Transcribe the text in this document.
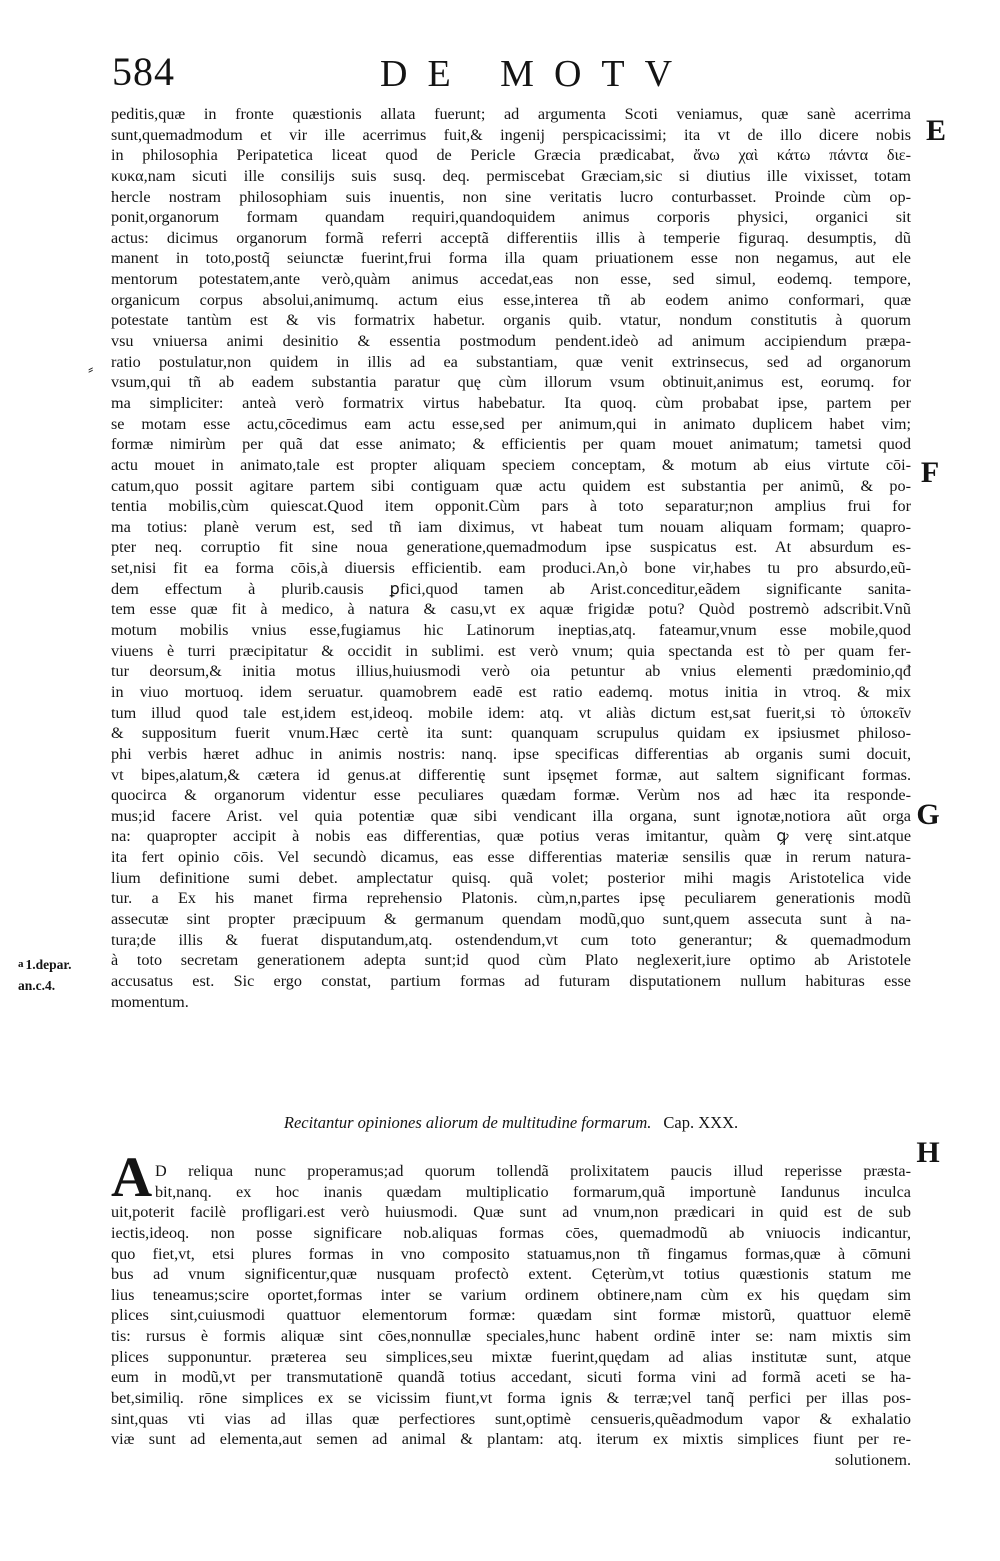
584	DE MOTV
E
F
G
H
⸗
a 1.depar.
an.c.4.
peditis,quæ in fronte quæstionis allata fuerunt; ad argumenta Scoti veniamus, quæ sanè acerrima
sunt,quemadmodum et vir ille acerrimus fuit,& ingenij perspicacissimi; ita vt de illo dicere nobis
in philosophia Peripatetica liceat quod de Pericle Græcia prædicabat, ἄνω χαὶ κάτω πάντα διε-
κυκα,nam sicuti ille consilijs suis susq. deq. permiscebat Græciam,sic si diutius ille vixisset, totam
hercle nostram philosophiam suis inuentis, non sine veritatis lucro conturbasset. Proinde cùm op-
ponit,organorum formam quandam requiri,quandoquidem animus corporis physici, organici sit
actus: dicimus organorum formã referri acceptã differentiis illis à temperie figuraq. desumptis, dũ
manent in toto,postq̃ seiunctæ fuerint,frui forma illa quam priuationem esse non negamus, aut ele
mentorum potestatem,ante verò,quàm animus accedat,eas non esse, sed simul, eodemq. tempore,
organicum corpus absolui,animumq. actum eius esse,interea tñ ab eodem animo conformari, quæ
potestate tantùm est & vis formatrix habetur. organis quib. vtatur, nondum constitutis à quorum
vsu vniuersa animi desinitio & essentia postmodum pendent.ideò ad animum accipiendum præpa-
ratio postulatur,non quidem in illis ad ea substantiam, quæ venit extrinsecus, sed ad organorum
vsum,qui tñ ab eadem substantia paratur quę cùm illorum vsum obtinuit,animus est, eorumq. for
ma simpliciter: anteà verò formatrix virtus habebatur. Ita quoq. cùm probabat ipse, partem per
se motam esse actu,cōcedimus eam actu esse,sed per animum,qui in animato duplicem habet vim;
formæ nimirùm per quã dat esse animato; & efficientis per quam mouet animatum; tametsi quod
actu mouet in animato,tale est propter aliquam speciem conceptam, & motum ab eius virtute cōi-
catum,quo possit agitare partem sibi contiguam quæ actu quidem est substantia per animũ, & po-
tentia mobilis,cùm quiescat.Quod item opponit.Cùm pars à toto separatur;non amplius frui for
ma totius: planè verum est, sed tñ iam diximus, vt habeat tum nouam aliquam formam; quapro-
pter neq. corruptio fit sine noua generatione,quemadmodum ipse suspicatus est. At absurdum es-
set,nisi fit ea forma cōis,à diuersis efficientib. eam produci.An,ò bone vir,habes tu pro absurdo,eũ-
dem effectum à plurib.causis ꝑfici,quod tamen ab Arist.conceditur,eãdem significante sanita-
tem esse quæ fit à medico, à natura & casu,vt ex aquæ frigidæ potu? Quòd postremò adscribit.Vnũ
motum mobilis vnius esse,fugiamus hic Latinorum ineptias,atq. fateamur,vnum esse mobile,quod
viuens è turri præcipitatur & occidit in sublimi. est verò vnum; quia spectanda est tò per quam fer-
tur deorsum,& initia motus illius,huiusmodi verò oia petuntur ab vnius elementi prædominio,qđ
in viuo mortuoq. idem seruatur. quamobrem eadē est ratio eademq. motus initia in vtroq. & mix
tum illud quod tale est,idem est,ideoq. mobile idem: atq. vt aliàs dictum est,sat fuerit,si τὸ ὑποκεῖν
& suppositum fuerit vnum.Hæc certè ita sunt: quanquam scrupulus quidam ex ipsiusmet philoso-
phi verbis hæret adhuc in animis nostris: nanq. ipse specificas differentias ab organis sumi docuit,
vt bipes,alatum,& cætera id genus.at differentię sunt ipsęmet formæ, aut saltem significant formas.
quocirca & organorum videntur esse peculiares quædam formæ. Verùm nos ad hæc ita responde-
mus;id facere Arist. vel quia potentiæ quæ sibi vendicant illa organa, sunt ignotæ,notiora aũt orga
na: quapropter accipit à nobis eas differentias, quæ potius veras imitantur, quàm ꝙ verę sint.atque
ita fert opinio cōis. Vel secundò dicamus, eas esse differentias materiæ sensilis quæ in rerum natura-
lium definitione sumi debet. amplectatur quisq. quã volet; posterior mihi magis Aristotelica vide
tur. a Ex his manet firma reprehensio Platonis. cùm,n,partes ipsę peculiarem generationis modũ
assecutæ sint propter præcipuum & germanum quendam modũ,quo sunt,quem assecuta sunt à na-
tura;de illis & fuerat disputandum,atq. ostendendum,vt cum toto generantur; & quemadmodum
à toto secretam generationem adepta sunt;id quod cùm Plato neglexerit,iure optimo ab Aristotele
accusatus est. Sic ergo constat, partium formas ad futuram disputationem nullum habituras esse
momentum.
Recitantur opiniones aliorum de multitudine formarum. Cap. XXX.
A D reliqua nunc properamus;ad quorum tollendã prolixitatem paucis illud reperisse præsta-
bit,nanq. ex hoc inanis quædam multiplicatio formarum,quã importunè Iandunus inculca
uit,poterit facilè profligari.est verò huiusmodi. Quæ sunt ad vnum,non prædicari in quid est de sub
iectis,ideoq. non posse significare nob.aliquas formas cōes, quemadmodũ ab vniuocis indicantur,
quo fiet,vt, etsi plures formas in vno composito statuamus,non tñ fingamus formas,quæ à cōmuni
bus ad vnum significentur,quæ nusquam profectò extent. Cęterùm,vt totius quæstionis statum me
lius teneamus;scire oportet,formas inter se varium ordinem obtinere,nam cùm ex his quędam sim
plices sint,cuiusmodi quattuor elementorum formæ: quædam sint formæ mistorũ, quattuor elemē
tis: rursus è formis aliquæ sint cōes,nonnullæ speciales,hunc habent ordinē inter se: nam mixtis sim
plices supponuntur. præterea seu simplices,seu mixtæ fuerint,quędam ad alias institutæ sunt, atque
eum in modũ,vt per transmutationē quandã totius accedant, sicuti forma vini ad formã aceti se ha-
bet,similiq. rōne simplices ex se vicissim fiunt,vt forma ignis & terræ;vel tanq̃ perfici per illas pos-
sint,quas vti vias ad illas quæ perfectiores sunt,optimè censueris,quẽadmodum vapor & exhalatio
viæ sunt ad elementa,aut semen ad animal & plantam: atq. iterum ex mixtis simplices fiunt per re-
solutionem.
